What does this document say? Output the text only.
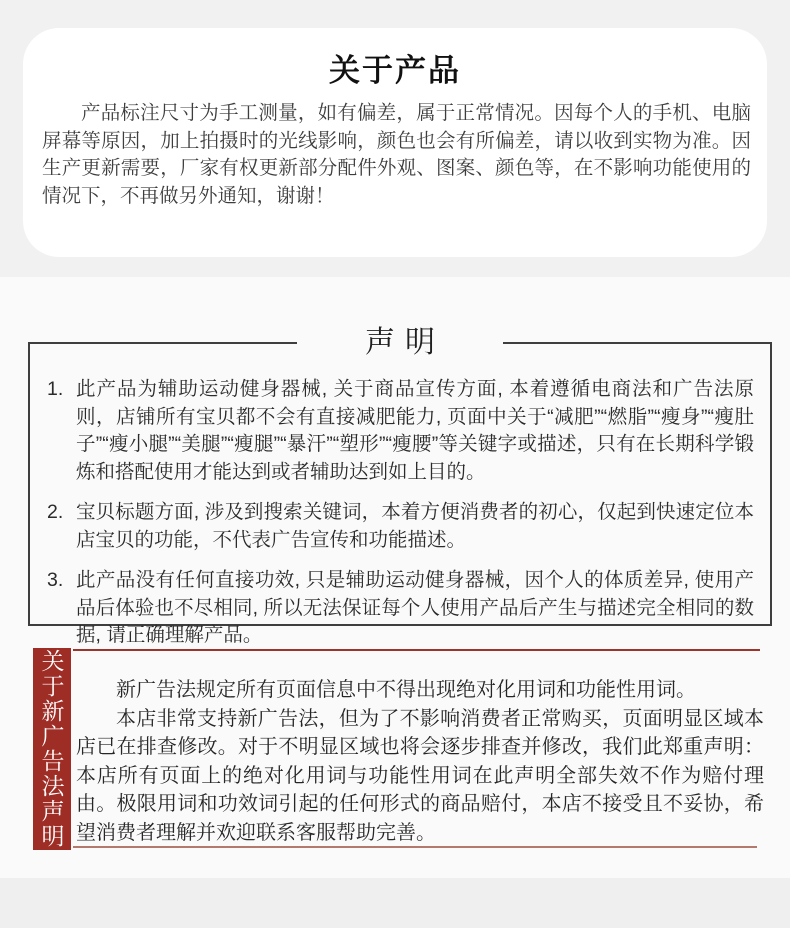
关于产品

产品标注尺寸为手工测量，如有偏差，属于正常情况。因每个人的手机、电脑屏幕等原因，加上拍摄时的光线影响，颜色也会有所偏差，请以收到实物为准。因生产更新需要，厂家有权更新部分配件外观、图案、颜色等，在不影响功能使用的情况下，不再做另外通知，谢谢！

声明
1. 此产品为辅助运动健身器械, 关于商品宣传方面, 本着遵循电商法和广告法原则，店铺所有宝贝都不会有直接减肥能力, 页面中关于“减肥”“燃脂”“瘦身”“瘦肚子”“瘦小腿”“美腿”“瘦腿”“暴汗”“塑形”“瘦腰”等关键字或描述，只有在长期科学锻炼和搭配使用才能达到或者辅助达到如上目的。
2. 宝贝标题方面, 涉及到搜索关键词，本着方便消费者的初心，仅起到快速定位本店宝贝的功能，不代表广告宣传和功能描述。
3. 此产品没有任何直接功效, 只是辅助运动健身器械，因个人的体质差异, 使用产品后体验也不尽相同, 所以无法保证每个人使用产品后产生与描述完全相同的数据, 请正确理解产品。
关于新广告法声明	新广告法规定所有页面信息中不得出现绝对化用词和功能性用词。

本店非常支持新广告法，但为了不影响消费者正常购买，页面明显区域本店已在排查修改。对于不明显区域也将会逐步排查并修改，我们此郑重声明：本店所有页面上的绝对化用词与功能性用词在此声明全部失效不作为赔付理由。极限用词和功效词引起的任何形式的商品赔付，本店不接受且不妥协，希望消费者理解并欢迎联系客服帮助完善。
